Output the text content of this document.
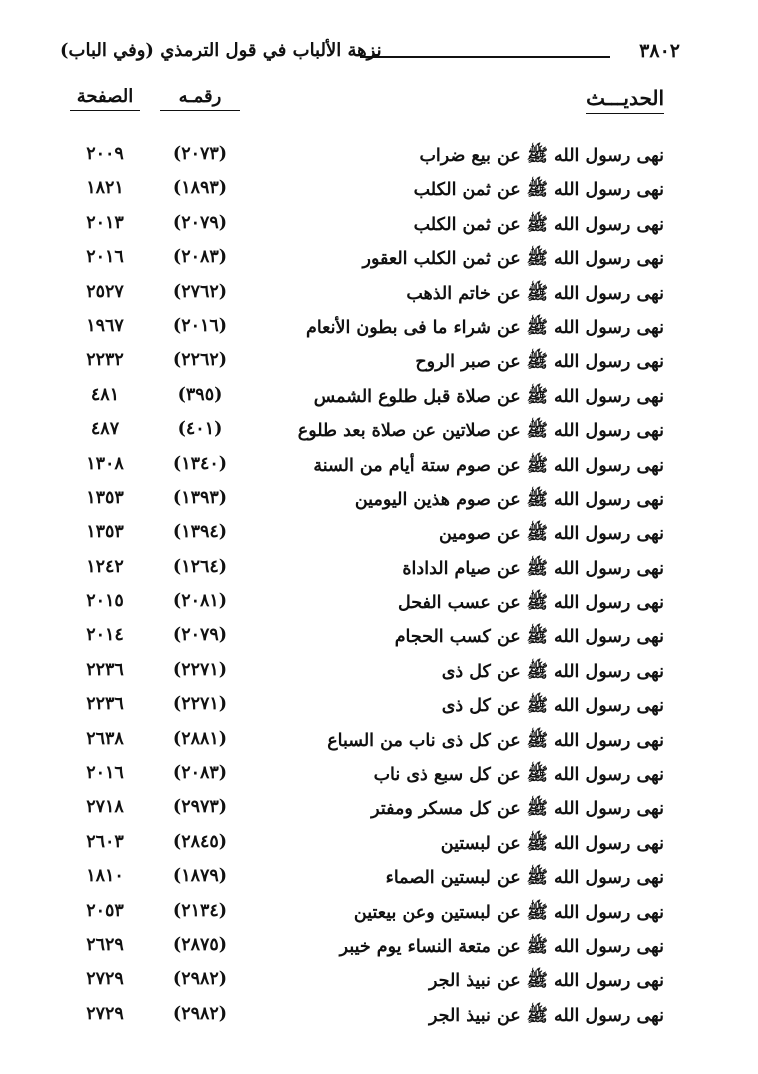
٣٨٠٢
نزهة الألباب في قول الترمذي (وفي الباب)
الحديـــث
رقمـه
الصفحة
نهى رسول الله ﷺ عن بيع ضراب
(٢٠٧٣)
٢٠٠٩
نهى رسول الله ﷺ عن ثمن الكلب
(١٨٩٣)
١٨٢١
نهى رسول الله ﷺ عن ثمن الكلب
(٢٠٧٩)
٢٠١٣
نهى رسول الله ﷺ عن ثمن الكلب العقور
(٢٠٨٣)
٢٠١٦
نهى رسول الله ﷺ عن خاتم الذهب
(٢٧٦٢)
٢٥٢٧
نهى رسول الله ﷺ عن شراء ما فى بطون الأنعام
(٢٠١٦)
١٩٦٧
نهى رسول الله ﷺ عن صبر الروح
(٢٢٦٢)
٢٢٣٢
نهى رسول الله ﷺ عن صلاة قبل طلوع الشمس
(٣٩٥)
٤٨١
نهى رسول الله ﷺ عن صلاتين عن صلاة بعد طلوع
(٤٠١)
٤٨٧
نهى رسول الله ﷺ عن صوم ستة أيام من السنة
(١٣٤٠)
١٣٠٨
نهى رسول الله ﷺ عن صوم هذين اليومين
(١٣٩٣)
١٣٥٣
نهى رسول الله ﷺ عن صومين
(١٣٩٤)
١٣٥٣
نهى رسول الله ﷺ عن صيام الداداة
(١٢٦٤)
١٢٤٢
نهى رسول الله ﷺ عن عسب الفحل
(٢٠٨١)
٢٠١٥
نهى رسول الله ﷺ عن كسب الحجام
(٢٠٧٩)
٢٠١٤
نهى رسول الله ﷺ عن كل ذى
(٢٢٧١)
٢٢٣٦
نهى رسول الله ﷺ عن كل ذى
(٢٢٧١)
٢٢٣٦
نهى رسول الله ﷺ عن كل ذى ناب من السباع
(٢٨٨١)
٢٦٣٨
نهى رسول الله ﷺ عن كل سبع ذى ناب
(٢٠٨٣)
٢٠١٦
نهى رسول الله ﷺ عن كل مسكر ومفتر
(٢٩٧٣)
٢٧١٨
نهى رسول الله ﷺ عن لبستين
(٢٨٤٥)
٢٦٠٣
نهى رسول الله ﷺ عن لبستين الصماء
(١٨٧٩)
١٨١٠
نهى رسول الله ﷺ عن لبستين وعن بيعتين
(٢١٣٤)
٢٠٥٣
نهى رسول الله ﷺ عن متعة النساء يوم خيبر
(٢٨٧٥)
٢٦٢٩
نهى رسول الله ﷺ عن نبيذ الجر
(٢٩٨٢)
٢٧٢٩
نهى رسول الله ﷺ عن نبيذ الجر
(٢٩٨٢)
٢٧٢٩
